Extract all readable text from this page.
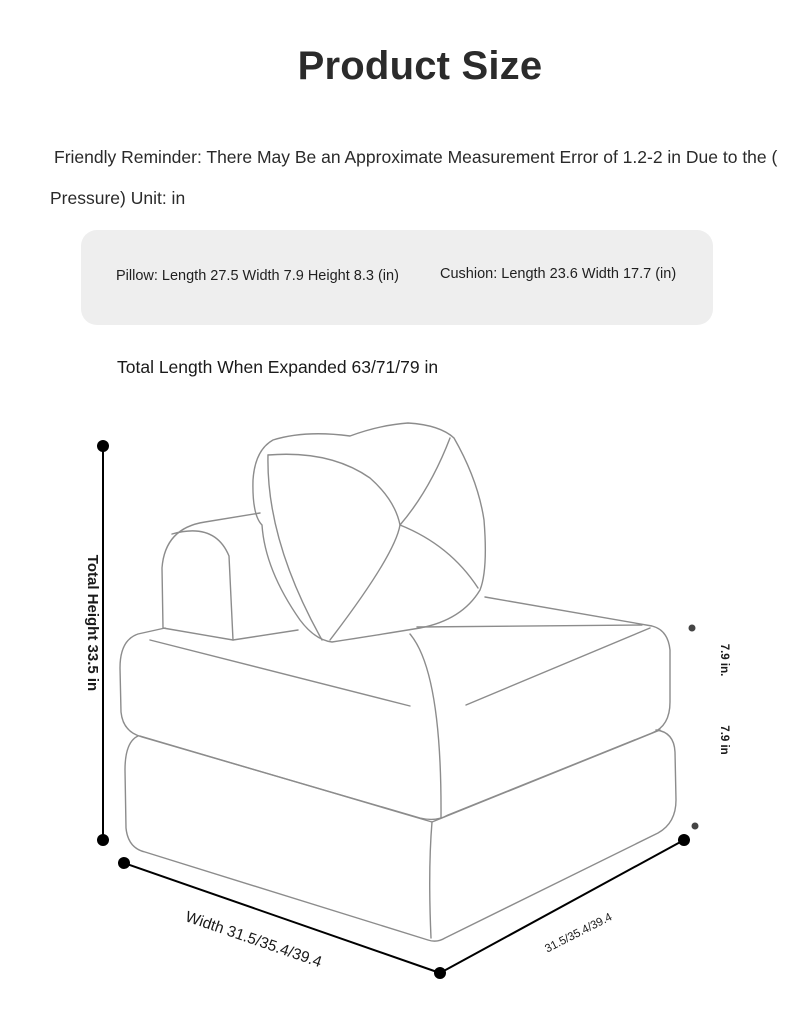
Product Size
Friendly Reminder: There May Be an Approximate Measurement Error of 1.2-2 in Due to the (
Pressure) Unit: in
Pillow: Length 27.5 Width 7.9 Height 8.3 (in)	Cushion: Length 23.6 Width 17.7 (in)
Total Length When Expanded 63/71/79 in
Total Height 33.5 in
Width 31.5/35.4/39.4	31.5/35.4/39.4
7.9 in.
7.9 in
